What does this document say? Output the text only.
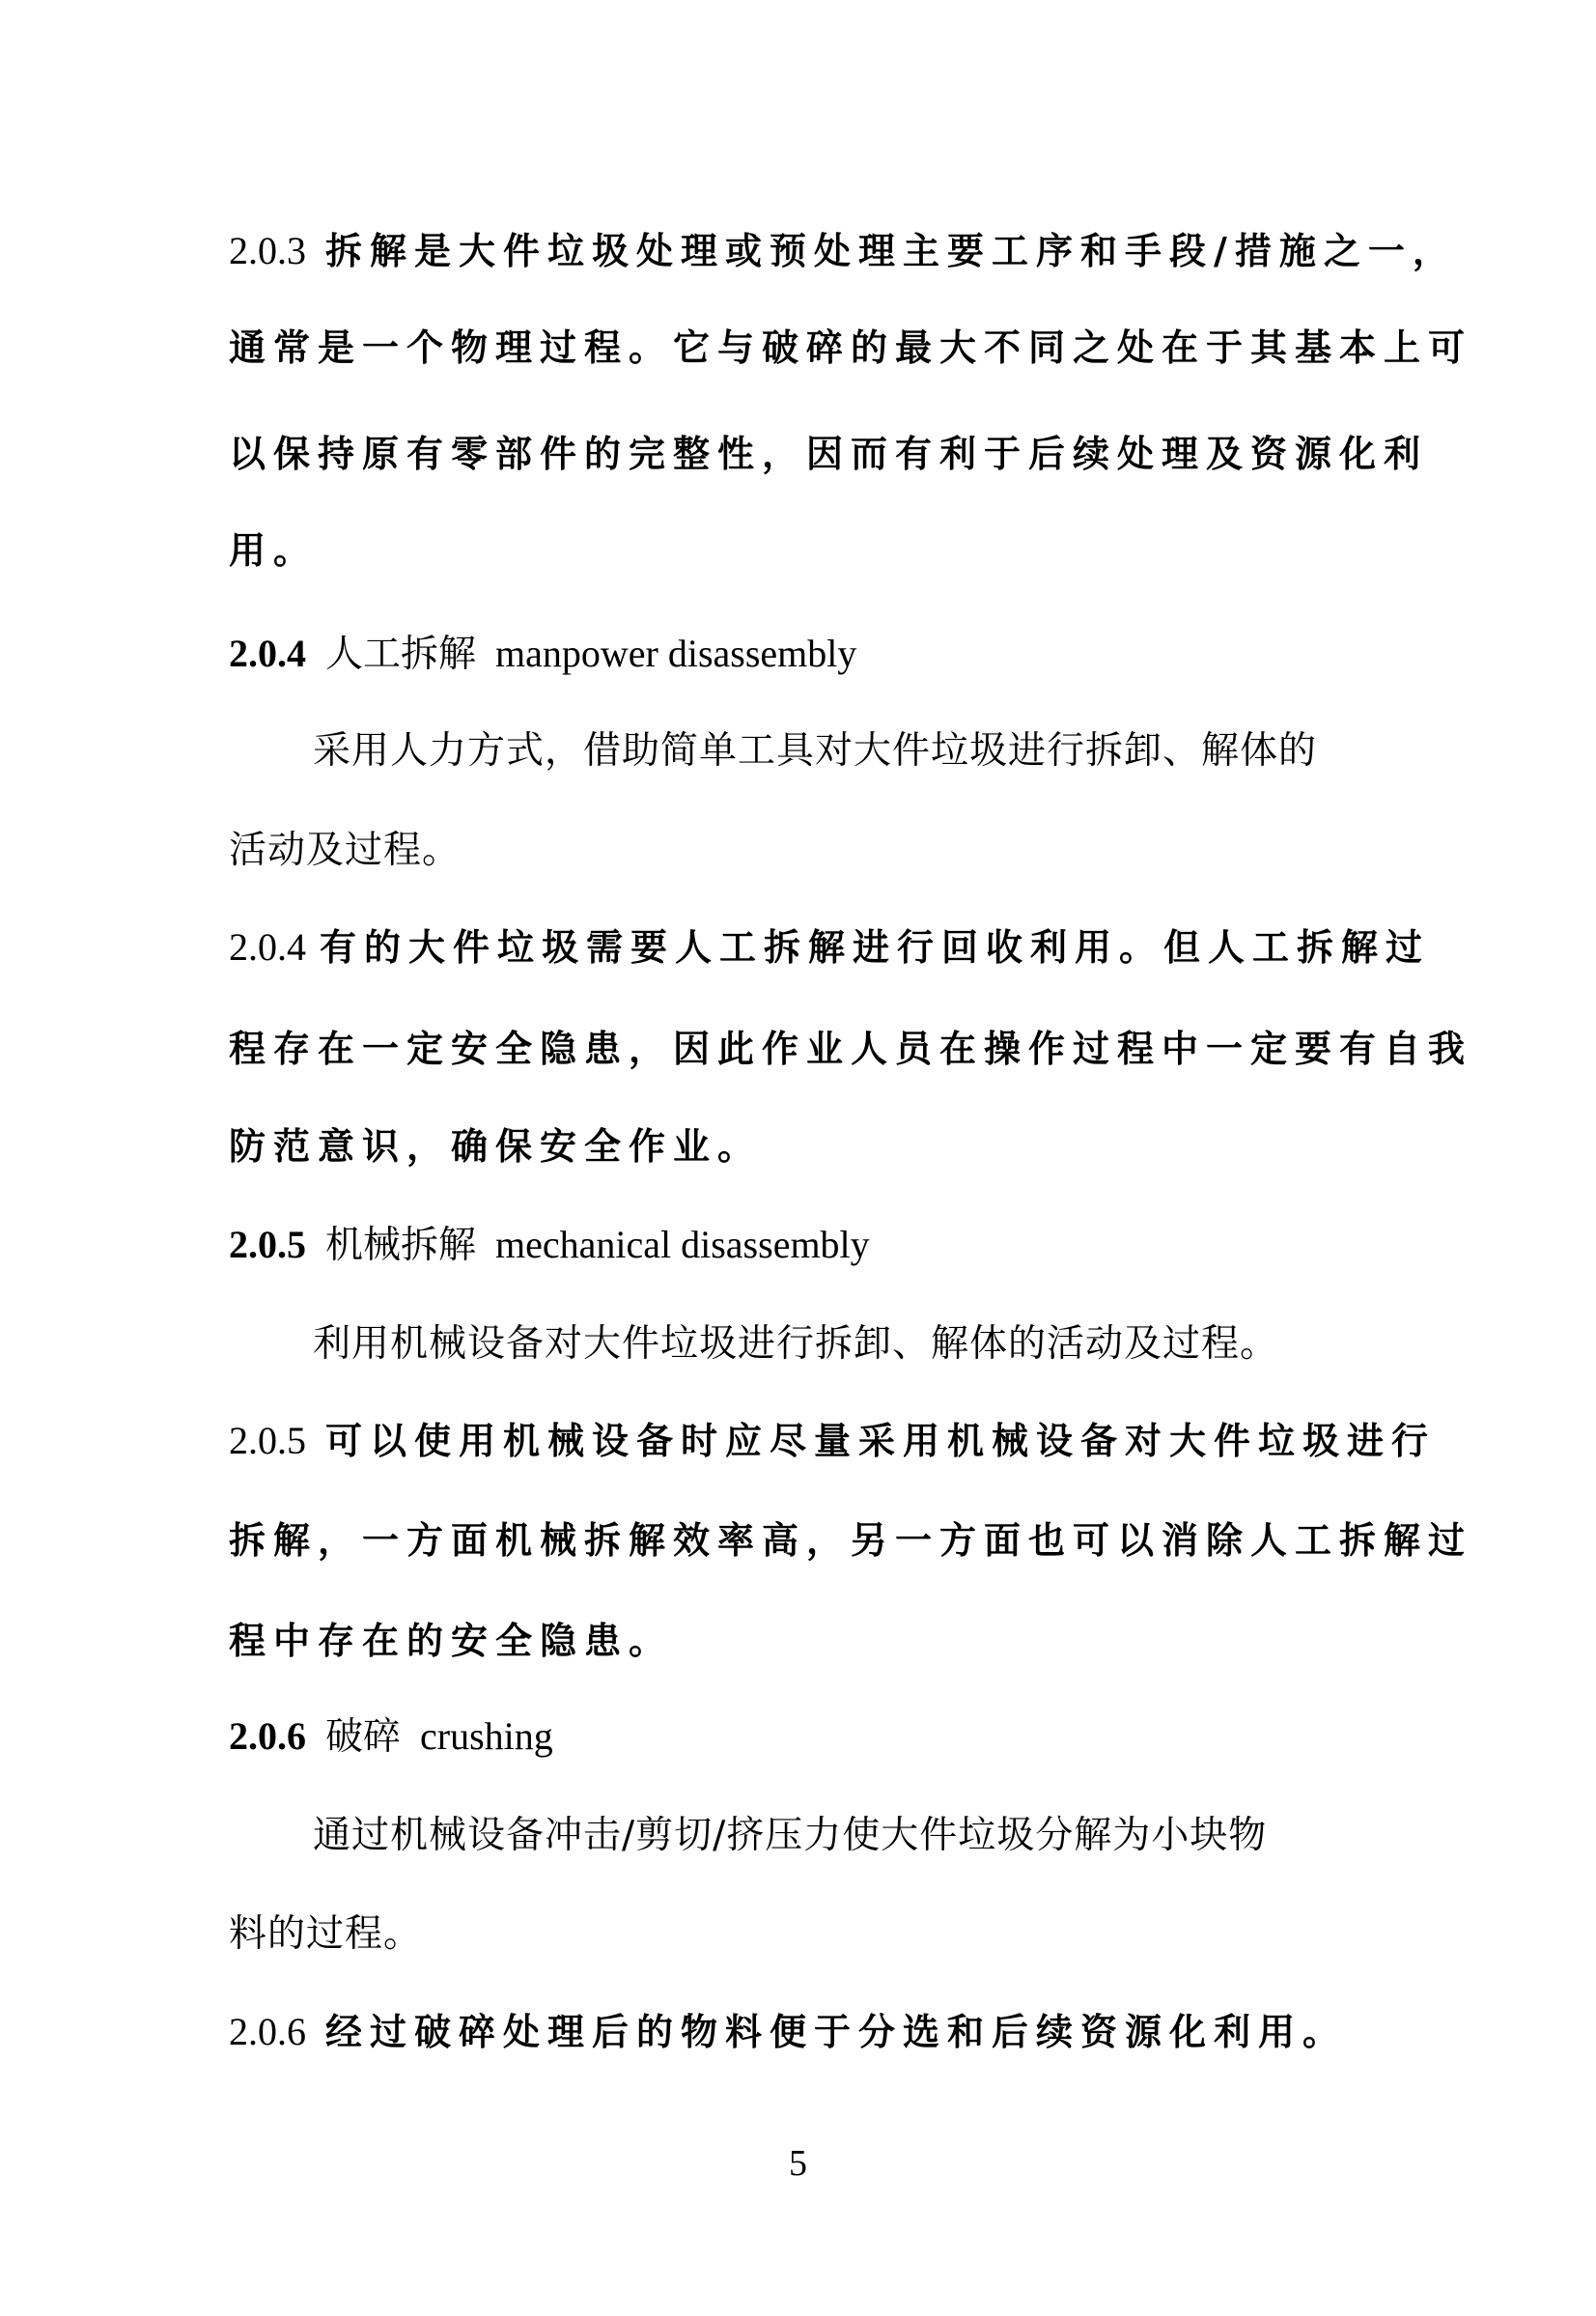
2.0.3 拆解是大件垃圾处理或预处理主要工序和手段/措施之一，
通常是一个物理过程。它与破碎的最大不同之处在于其基本上可
以保持原有零部件的完整性，因而有利于后续处理及资源化利
用。
2.0.4 人工拆解 manpower disassembly
采用人力方式，借助简单工具对大件垃圾进行拆卸、解体的
活动及过程。
2.0.4 有的大件垃圾需要人工拆解进行回收利用。但人工拆解过
程存在一定安全隐患，因此作业人员在操作过程中一定要有自我
防范意识，确保安全作业。
2.0.5 机械拆解 mechanical disassembly
利用机械设备对大件垃圾进行拆卸、解体的活动及过程。
2.0.5 可以使用机械设备时应尽量采用机械设备对大件垃圾进行
拆解，一方面机械拆解效率高，另一方面也可以消除人工拆解过
程中存在的安全隐患。
2.0.6 破碎 crushing
通过机械设备冲击/剪切/挤压力使大件垃圾分解为小块物
料的过程。
2.0.6 经过破碎处理后的物料便于分选和后续资源化利用。
5
